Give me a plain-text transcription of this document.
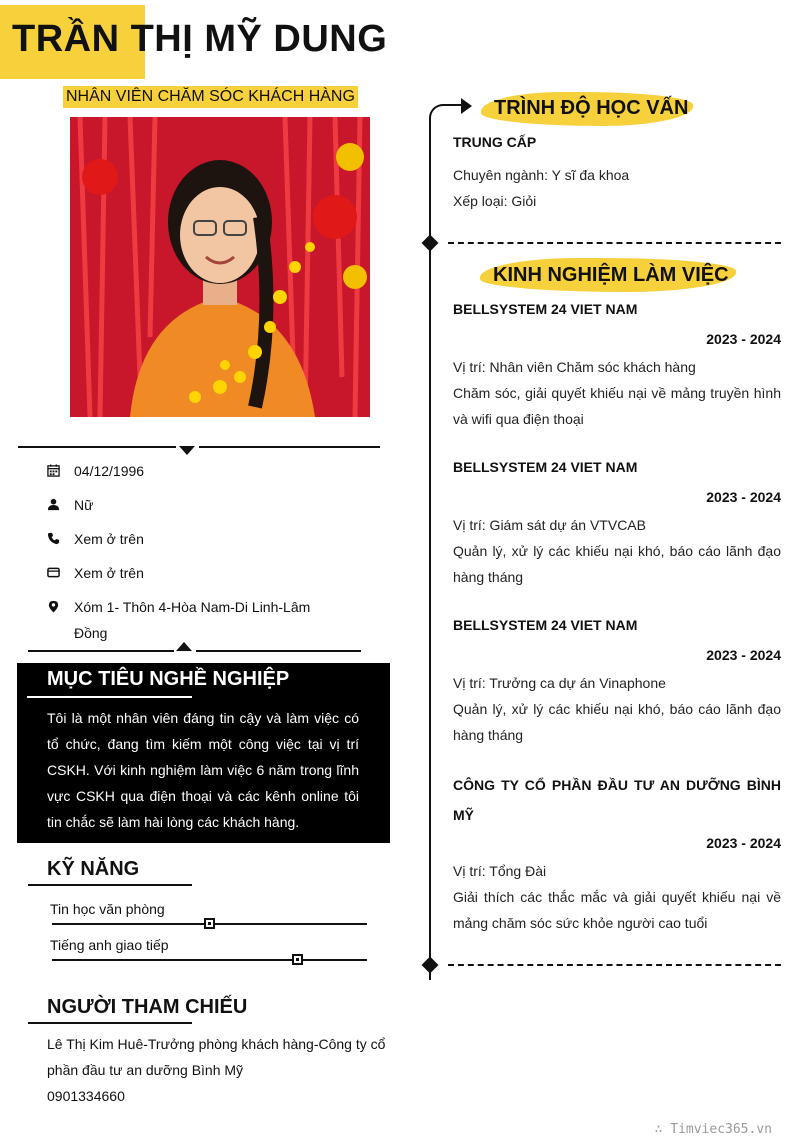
TRẦN THỊ MỸ DUNG
NHÂN VIÊN CHĂM SÓC KHÁCH HÀNG
04/12/1996
Nữ
Xem ở trên
Xem ở trên
Xóm 1- Thôn 4-Hòa Nam-Di Linh-Lâm Đồng
MỤC TIÊU NGHỀ NGHIỆP
Tôi là một nhân viên đáng tin cậy và làm việc có tổ chức, đang tìm kiếm một công việc tại vị trí CSKH. Với kinh nghiệm làm việc 6 năm trong lĩnh vực CSKH qua điện thoại và các kênh online tôi tin chắc sẽ làm hài lòng các khách hàng.
KỸ NĂNG
Tin học văn phòng
Tiếng anh giao tiếp
NGƯỜI THAM CHIẾU
Lê Thị Kim Huê-Trưởng phòng khách hàng-Công ty cổ phần đầu tư an dưỡng Bình Mỹ
0901334660
TRÌNH ĐỘ HỌC VẤN
TRUNG CẤP
Chuyên ngành: Y sĩ đa khoa
Xếp loại: Giỏi
KINH NGHIỆM LÀM VIỆC
BELLSYSTEM 24 VIET NAM
2023 - 2024
Vị trí: Nhân viên Chăm sóc khách hàng
Chăm sóc, giải quyết khiếu nại về mảng truyền hình và wifi qua điện thoại
BELLSYSTEM 24 VIET NAM
2023 - 2024
Vị trí: Giám sát dự án VTVCAB
Quản lý, xử lý các khiếu nại khó, báo cáo lãnh đạo hàng tháng
BELLSYSTEM 24 VIET NAM
2023 - 2024
Vị trí: Trưởng ca dự án Vinaphone
Quản lý, xử lý các khiếu nại khó, báo cáo lãnh đạo hàng tháng
CÔNG TY CỔ PHẦN ĐẦU TƯ AN DƯỠNG BÌNH MỸ
2023 - 2024
Vị trí: Tổng Đài
Giải thích các thắc mắc và giải quyết khiếu nại về mảng chăm sóc sức khỏe người cao tuổi
∴ Timviec365.vn
